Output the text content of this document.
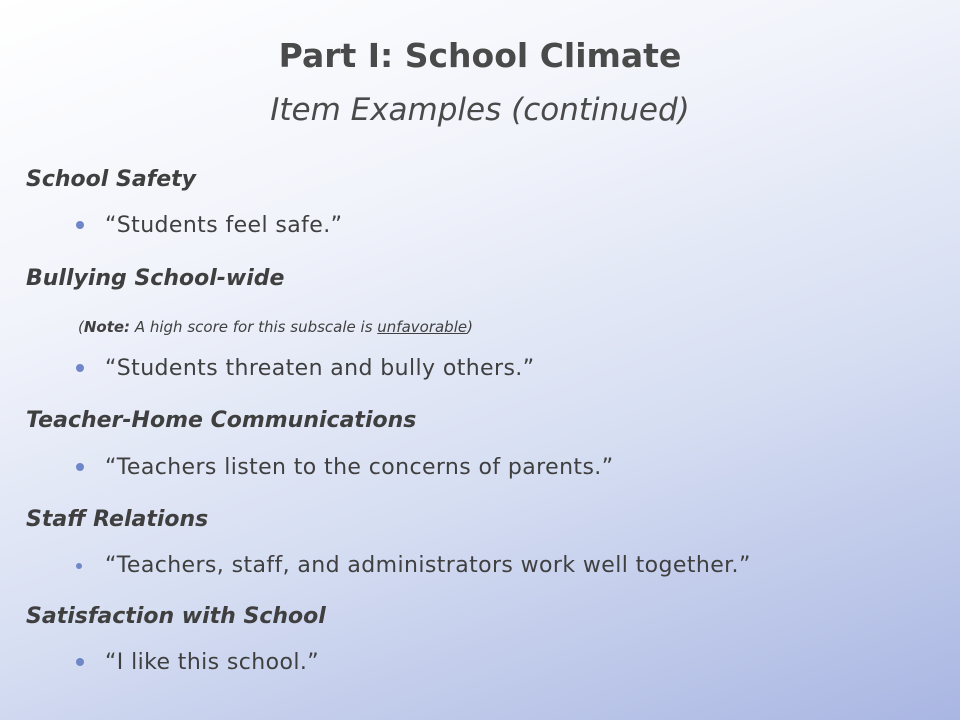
Part I: School Climate
Item Examples (continued)
School Safety
“Students feel safe.”
Bullying School-wide
(Note: A high score for this subscale is unfavorable)
“Students threaten and bully others.”
Teacher-Home Communications
“Teachers listen to the concerns of parents.”
Staff Relations
“Teachers, staff, and administrators work well together.”
Satisfaction with School
“I like this school.”
